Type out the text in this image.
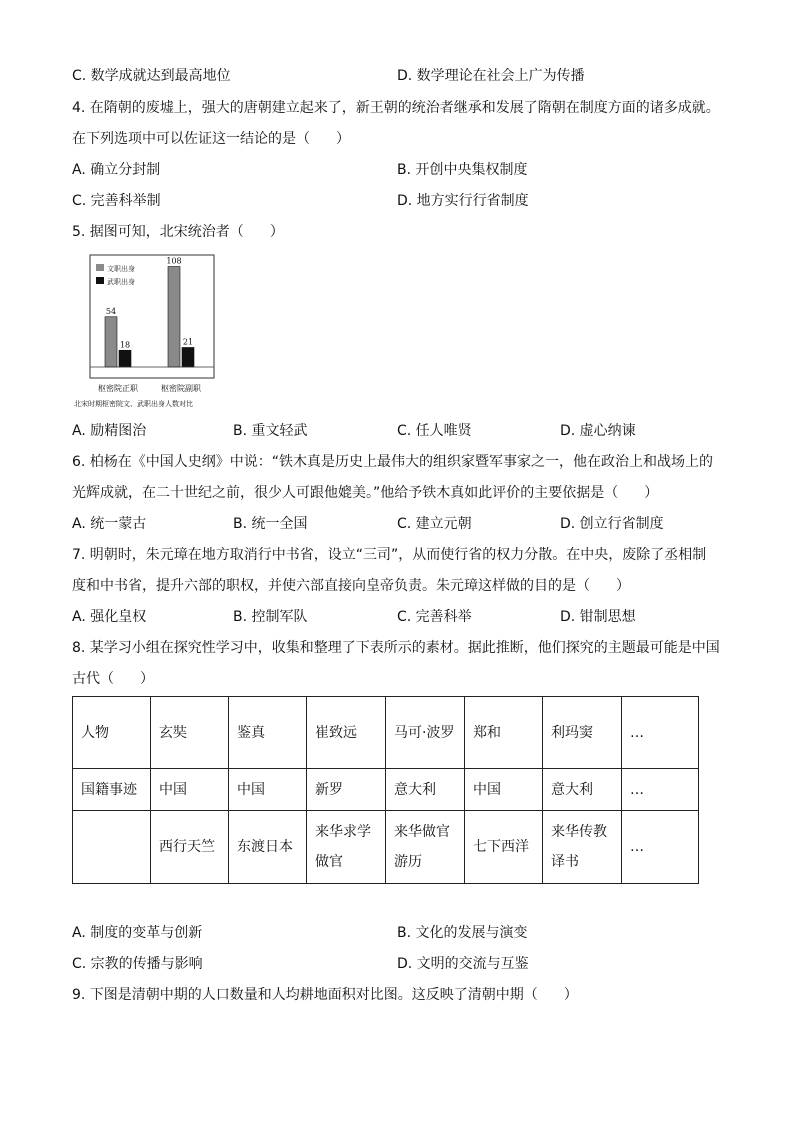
C. 数学成就达到最高地位	D. 数学理论在社会上广为传播
4. 在隋朝的废墟上，强大的唐朝建立起来了，新王朝的统治者继承和发展了隋朝在制度方面的诸多成就。
在下列选项中可以佐证这一结论的是（ ）
A. 确立分封制	B. 开创中央集权制度
C. 完善科举制	D. 地方实行行省制度
5. 据图可知，北宋统治者（ ）
文职出身
武职出身
54
18
枢密院正职
108
21
枢密院副职
北宋时期枢密院文、武职出身人数对比
A. 励精图治	B. 重文轻武	C. 任人唯贤	D. 虚心纳谏
6. 柏杨在《中国人史纲》中说：“铁木真是历史上最伟大的组织家暨军事家之一，他在政治上和战场上的
光辉成就，在二十世纪之前，很少人可跟他媲美。”他给予铁木真如此评价的主要依据是（ ）
A. 统一蒙古	B. 统一全国	C. 建立元朝	D. 创立行省制度
7. 明朝时，朱元璋在地方取消行中书省，设立“三司”，从而使行省的权力分散。在中央，废除了丞相制
度和中书省，提升六部的职权，并使六部直接向皇帝负责。朱元璋这样做的目的是（ ）
A. 强化皇权	B. 控制军队	C. 完善科举	D. 钳制思想
8. 某学习小组在探究性学习中，收集和整理了下表所示的素材。据此推断，他们探究的主题最可能是中国
古代（ ）
人物	玄奘	鉴真	崔致远	马可·波罗	郑和	利玛窦	…
国籍事迹	中国	中国	新罗	意大利	中国	意大利	…
	西行天竺	东渡日本	来华求学做官	来华做官游历	七下西洋	来华传教译书	…
A. 制度的变革与创新	B. 文化的发展与演变
C. 宗教的传播与影响	D. 文明的交流与互鉴
9. 下图是清朝中期的人口数量和人均耕地面积对比图。这反映了清朝中期（ ）
